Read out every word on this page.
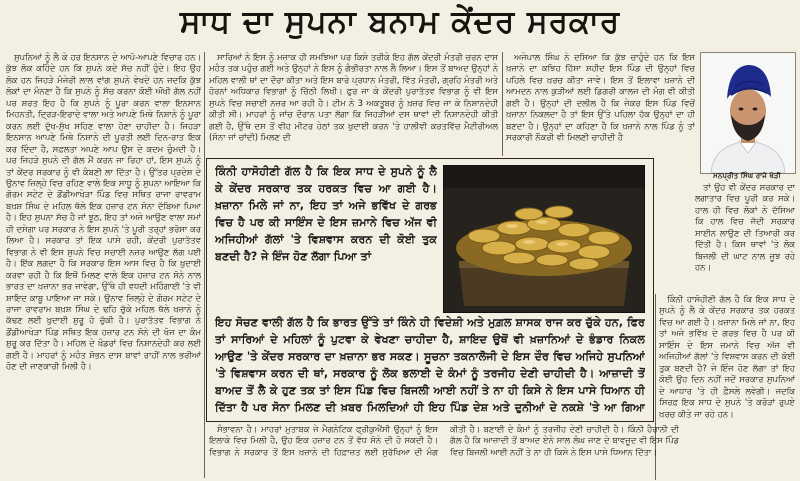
ਸਾਧ ਦਾ ਸੁਪਨਾ ਬਨਾਮ ਕੇਂਦਰ ਸਰਕਾਰ

ਸੁਪਨਿਆਂ ਨੂੰ ਲੈ ਕੇ ਹਰ ਇਨਸਾਨ ਦੇ ਆਪੋ-ਆਪਣੇ ਵਿਚਾਰ ਹਨ। ਕੁੱਝ ਲੋਕ ਕਹਿੰਦੇ ਹਨ ਕਿ ਸੁਪਨੇ ਕਦੇ ਸੱਚ ਨਹੀਂ ਹੁੰਦੇ। ਇਹ ਉਹ ਲੋਕ ਹਨ ਜਿਹੜੇ ਮੰਜੇਰੀ ਲਾਲ ਵਾਂਗ ਸੁਪਨੇ ਵੇਖਦੇ ਹਨ ਜਦਕਿ ਕੁੱਝ ਲੋਕਾਂ ਦਾ ਮੰਨਣਾ ਹੈ ਕਿ ਸੁਪਨੇ ਨੂੰ ਸੱਚ ਕਰਨਾ ਕੋਈ ਔਖੀ ਗੱਲ ਨਹੀਂ ਪਰ ਸ਼ਰਤ ਇਹ ਹੈ ਕਿ ਸੁਪਨੇ ਨੂੰ ਪੂਰਾ ਕਰਨ ਵਾਲਾ ਇਨਸਾਨ ਮਿਹਨਤੀ, ਦ੍ਰਿੜ-ਇਰਾਦੇ ਵਾਲਾ ਅਤੇ ਆਪਣੇ ਮਿਥੇ ਨਿਸ਼ਾਨੇ ਨੂੰ ਪੂਰਾ ਕਰਨ ਲਈ ਦੁੱਖ-ਸੁੱਖ ਸਹਿਣ ਵਾਲਾ ਹੋਣਾ ਚਾਹੀਦਾ ਹੈ। ਜਿਹੜਾ ਇਨਸਾਨ ਆਪਣੇ ਮਿਥੇ ਨਿਸ਼ਾਨੇ ਦੀ ਪੂਰਤੀ ਲਈ ਦਿਨ-ਰਾਤ ਇਕ ਕਰ ਦਿੰਦਾ ਹੈ, ਸਫ਼ਲਤਾ ਅਪਣੇ ਆਪ ਉਸ ਦੇ ਕਦਮ ਚੁੰਮਦੀ ਹੈ। ਪਰ ਜਿਹੜੇ ਸੁਪਨੇ ਦੀ ਗੱਲ ਮੈਂ ਕਰਨ ਜਾ ਰਿਹਾ ਹਾਂ, ਇਸ ਸੁਪਨੇ ਨੂੰ ਤਾਂ ਕੇਂਦਰ ਸਰਕਾਰ ਨੂੰ ਵੀ ਕੰਬਣੀ ਲਾ ਦਿੱਤਾ ਹੈ। ਉੱਤਰ ਪ੍ਰਦੇਸ਼ ਦੇ ਉਨਾਵ ਜ਼ਿਲ੍ਹੇ ਵਿਚ ਰਹਿਣ ਵਾਲੇ ਇਕ ਸਾਧੂ ਨੂੰ ਸੁਪਨਾ ਆਇਆ ਕਿ ਗੋਰਮ ਸਟੇਟ ਦੇ ਡੌਂਡੀਆਖੇੜਾ ਪਿੰਡ ਵਿਚ ਸਥਿਤ ਰਾਜਾ ਰਾਵਰਾਮ ਬਖ਼ਸ਼ ਸਿੰਘ ਦੇ ਮਹਿਲ ਥੱਲੇ ਇਕ ਹਜ਼ਾਰ ਟਨ ਸੋਨਾ ਦੱਬਿਆ ਪਿਆ ਹੈ। ਇਹ ਸੁਪਨਾ ਸੱਚ ਹੈ ਜਾਂ ਝੂਠ, ਇਹ ਤਾਂ ਅਜੇ ਆਉਣ ਵਾਲਾ ਸਮਾਂ ਹੀ ਦਸੇਗਾ ਪਰ ਸਰਕਾਰ ਨੇ ਇਸ ਸੁਪਨੇ 'ਤੇ ਪੂਰੀ ਤਰ੍ਹਾਂ ਭਰੋਸਾ ਕਰ ਲਿਆ ਹੈ। ਸਰਕਾਰ ਤਾਂ ਇਕ ਪਾਸੇ ਰਹੀ, ਕੇਂਦਰੀ ਪੁਰਾਤੱਤਵ ਵਿਭਾਗ ਨੇ ਵੀ ਇਸ ਸੁਪਨੇ ਵਿਚ ਸਚਾਈ ਨਜ਼ਰ ਆਉਣ ਲੱਗ ਪਈ ਹੈ। ਇੱਕ ਲਗਦਾ ਹੈ ਕਿ ਸਰਕਾਰ ਇਸ ਆਸ ਵਿਚ ਹੈ ਕਿ ਖੁਦਾਈ ਕਰਵਾ ਰਹੀ ਹੈ ਕਿ ਇਥੋਂ ਮਿਲਣ ਵਾਲੇ ਇਕ ਹਜ਼ਾਰ ਟਨ ਸੋਨੇ ਨਾਲ ਭਾਰਤ ਦਾ ਖ਼ਜ਼ਾਨਾ ਭਰ ਜਾਵੇਗਾ, ਉੱਥੇ ਹੀ ਵਧਦੀ ਮਹਿੰਗਾਈ 'ਤੇ ਵੀ ਸ਼ਾਇਦ ਕਾਬੂ ਪਾਇਆ ਜਾ ਸਕੇ। ਉਨਾਵ ਜ਼ਿਲ੍ਹੇ ਦੇ ਗੋਰਮ ਸਟੇਟ ਦੇ ਰਾਜਾ ਰਾਵਰਾਮ ਬਖ਼ਸ਼ ਸਿੰਘ ਦੇ ਢਹਿ ਚੁੱਕੇ ਮਹਿਲ ਥੱਲੇ ਖਜ਼ਾਨੇ ਨੂੰ ਕੱਢਣ ਲਈ ਖੁਦਾਈ ਸ਼ੁਰੂ ਹੋ ਚੁੱਕੀ ਹੈ। ਪੁਰਾਤੱਤਵ ਵਿਭਾਗ ਨੇ ਡੌਂਡੀਆਖੇੜਾ ਪਿੰਡ ਸਥਿਤ ਇਕ ਹਜ਼ਾਰ ਟਨ ਸੋਨੇ ਦੀ ਖੋਜ ਦਾ ਕੰਮ ਸ਼ੁਰੂ ਕਰ ਦਿੱਤਾ ਹੈ। ਮਹਿਲ ਦੇ ਖੰਡਰਾਂ ਵਿਚ ਨਿਸ਼ਾਨਦੇਹੀ ਕਰ ਲਈ ਗਈ ਹੈ। ਮਾਹਰਾਂ ਨੂੰ ਮਹੰਤ ਸ਼ੋਭਨ ਦਾਸ ਬਾਵਾਂ ਰਾਹੀਂ ਨਾਲ ਭਰੀਆਂ ਹੋਣ ਦੀ ਜਾਣਕਾਰੀ ਮਿਲੀ ਹੈ।

ਸਾਰਿਆਂ ਨੇ ਇਸ ਨੂੰ ਮਜ਼ਾਕ ਹੀ ਸਮਝਿਆ ਪਰ ਕਿਸੇ ਤਰੀਕੇ ਇਹ ਗੱਲ ਕੇਂਦਰੀ ਮੰਤਰੀ ਚਰਨ ਦਾਸ ਮਹੰਤ ਤਕ ਪਹੁੰਚ ਗਈ ਅਤੇ ਉਨ੍ਹਾਂ ਨੇ ਇਸ ਨੂੰ ਗੰਭੀਰਤਾ ਨਾਲ ਲੈ ਲਿਆ। ਇਸ ਤੋਂ ਬਾਅਦ ਉਨ੍ਹਾਂ ਨੇ ਮਹਿਲ ਵਾਲੀ ਥਾਂ ਦਾ ਦੌਰਾ ਕੀਤਾ ਅਤੇ ਇਸ ਬਾਰੇ ਪ੍ਰਧਾਨ ਮੰਤਰੀ, ਵਿੱਤ ਮੰਤਰੀ, ਗ੍ਰਹਿ ਮੰਤਰੀ ਅਤੇ ਹੋਰਨਾਂ ਅਧਿਕਾਰ ਵਿਭਾਗਾਂ ਨੂੰ ਚਿੱਠੀ ਲਿਖੀ। ਫੁਰ ਜਾ ਕੇ ਕੇਂਦਰੀ ਪੁਰਾਤੱਤਵ ਵਿਭਾਗ ਨੂੰ ਵੀ ਇਸ ਸੁਪਨੇ ਵਿਚ ਸਚਾਈ ਨਜ਼ਰ ਆ ਰਹੀ ਹੈ। ਟੀਮ ਨੇ 3 ਅਕਤੂਬਰ ਨੂੰ ਖ਼ਜ਼ਰ ਵਿਚ ਜਾ ਕੇ ਨਿਸ਼ਾਨਦੇਹੀ ਕੀਤੀ ਸੀ। ਮਾਹਰਾਂ ਨੂੰ ਜਾਂਚ ਦੌਰਾਨ ਪਤਾ ਲੱਗਾ ਕਿ ਜਿਹੜੀਆਂ ਦਸ ਥਾਵਾਂ ਦੀ ਨਿਸ਼ਾਨਦੇਹੀ ਕੀਤੀ ਗਈ ਹੈ, ਉੱਥੇ ਦਸ ਤੋਂ ਵੀਹ ਮੀਟਰ ਹੇਠਾਂ ਤਕ ਖੁਦਾਈ ਕਰਨ 'ਤੇ ਹਾਲੀਵੀ ਕਰਤਵਿੱਚ ਮੈਟੀਰੀਅਲ (ਸੋਨਾ ਜਾਂ ਚਾਂਦੀ) ਮਿਲਣ ਦੀ

ਅਜੇਪਾਲ ਸਿੰਘ ਨੇ ਦਸਿਆ ਕਿ ਕੁੱਝ ਚਾਹੁੰਦੇ ਹਨ ਕਿ ਇਸ ਖ਼ਜ਼ਾਨੇ ਦਾ ਕਝਿਹ ਹਿੱਸਾ ਸ਼ਹੀਦ ਇਸ ਪਿੰਡ ਦੀ ਉਨ੍ਹਾਂ ਵਿਚ ਪਹਿਲੇ ਵਿਚ ਖ਼ਰਚ ਕੀਤਾ ਜਾਵੇ। ਇਸ ਤੋਂ ਇਲਾਵਾ ਖ਼ਜ਼ਾਨੇ ਦੀ ਆਮਦਨ ਨਾਲ ਕੁੜੀਆਂ ਲਈ ਡਿਗਰੀ ਕਾਲਜ ਦੀ ਮੰਗ ਵੀ ਕੀਤੀ ਗਈ ਹੈ। ਉਨ੍ਹਾਂ ਦੀ ਦਲੀਲ ਹੈ ਕਿ ਜੇਕਰ ਇਸ ਪਿੰਡ ਵਿਚੋਂ ਖ਼ਜ਼ਾਨਾ ਨਿਕਲਦਾ ਹੈ ਤਾਂ ਇਸ ਉੱਤੇ ਪਹਿਲਾ ਹੱਕ ਉਨ੍ਹਾਂ ਦਾ ਹੀ ਬਣਦਾ ਹੈ। ਉਨ੍ਹਾਂ ਦਾ ਕਹਿਣਾ ਹੈ ਕਿ ਖ਼ਜ਼ਾਨੇ ਨਾਲ ਪਿੰਡ ਨੂੰ ਤਾਂ ਸਰਕਾਰੀ ਨੌਕਰੀ ਵੀ ਮਿਲਣੀ ਚਾਹੀਦੀ ਹੈ

ਤਾਂ ਉਹ ਵੀ ਕੇਂਦਰ ਸਰਕਾਰ ਦਾ ਲਗਾਤਾਰ ਵਿਚ ਪੂਰੀ ਕਰ ਸਕੇ। ਹਾਲ ਹੀ ਵਿਚ ਲੋਕਾਂ ਨੇ ਦੱਸਿਆ ਕਿ ਹਾਲ ਵਿਚ ਜੱਦੀ ਸਰਕਾਰ ਸਾਈਨ ਲਾਉਣ ਦੀ ਤਿਆਰੀ ਕਰ ਦਿੱਤੀ ਹੈ। ਕਿਸ ਥਾਵਾਂ 'ਤੇ ਲੋਕ ਬਿਜਲੀ ਦੀ ਘਾਟ ਨਾਲ ਜੂਝ ਰਹੇ ਹਨ।

ਕਿੰਨੀ ਹਾਸੋਹੀਣੀ ਗੱਲ ਹੈ ਕਿ ਇਕ ਸਾਧ ਦੇ ਸੁਪਨੇ ਨੂੰ ਲੈ ਕੇ ਕੇਂਦਰ ਸਰਕਾਰ ਤਕ ਹਰਕਤ ਵਿਚ ਆ ਗਈ ਹੈ। ਖ਼ਜ਼ਾਨਾ ਮਿਲੇ ਜਾਂ ਨਾ, ਇਹ ਤਾਂ ਅਜੇ ਭਵਿੱਖ ਦੇ ਗਰਭ ਵਿਚ ਹੈ ਪਰ ਕੀ ਸਾਇੰਸ ਦੇ ਇਸ ਜ਼ਮਾਨੇ ਵਿਚ ਅੱਜ ਵੀ ਅਜਿਹੀਆਂ ਗੱਲਾਂ 'ਤੇ ਵਿਸ਼ਵਾਸ ਕਰਨ ਦੀ ਕੋਈ ਤੁਕ ਬਣਦੀ ਹੈ? ਜੇ ਇੰਜ ਹੋਣ ਲੱਗਾ ਤਾਂ ਇਹ ਕੋਈ ਉਹ ਦਿਨ ਨਹੀਂ ਜਦੋਂ ਸਰਕਾਰ ਸੁਪਨਿਆਂ ਦੇ ਆਧਾਰ 'ਤੇ ਹੀ ਫ਼ੈਸਲੇ ਲਵੇਗੀ। ਜਦਕਿ ਸਿਰਫ਼ ਇਕ ਸਾਧ ਦੇ ਸੁਪਨੇ 'ਤੇ ਕਰੋੜਾਂ ਰੁਪਏ ਖ਼ਰਚ ਕੀਤੇ ਜਾ ਰਹੇ ਹਨ।

ਸੰਭਾਵਨਾ ਹੈ। ਮਾਹਰਾਂ ਮੁਤਾਬਕ ਜੇ ਮੈਗਨੇਟਿਕ ਫ੍ਰੀਕੁਐਂਸੀ ਉਨ੍ਹਾਂ ਨੂੰ ਇਸ ਇਲਾਕੇ ਵਿਚ ਮਿਲੀ ਹੈ, ਉਹ ਇਕ ਹਜ਼ਾਰ ਟਨ ਤੋਂ ਵੱਧ ਸੋਨੇ ਦੀ ਹੋ ਸਕਦੀ ਹੈ। ਵਿਭਾਗ ਨੇ ਸਰਕਾਰ ਤੋਂ ਇਸ ਖ਼ਜ਼ਾਨੇ ਦੀ ਹਿਫ਼ਾਜ਼ਤ ਲਈ ਸੁਰੱਖਿਆ ਦੀ ਮੰਗ ਕੀਤੀ ਹੈ। ਬਣਾਈ ਦੇ ਕੰਮਾਂ ਨੂੰ ਤਰਜੀਹ ਦੇਣੀ ਚਾਹੀਦੀ ਹੈ। ਕਿੰਨੀ ਹੈਰਾਨੀ ਦੀ ਗੱਲ ਹੈ ਕਿ ਆਜ਼ਾਦੀ ਤੋਂ ਬਾਅਦ ਏਨੇ ਸਾਲ ਲੰਘ ਜਾਣ ਦੇ ਬਾਵਜੂਦ ਵੀ ਇਸ ਪਿੰਡ ਵਿਚ ਬਿਜਲੀ ਆਈ ਨਹੀਂ ਤੇ ਨਾ ਹੀ ਕਿਸੇ ਨੇ ਇਸ ਪਾਸੇ ਧਿਆਨ ਦਿੱਤਾ।

ਕਿੰਨੀ ਹਾਸੋਹੀਣੀ ਗੱਲ ਹੈ ਕਿ ਇਕ ਸਾਧ ਦੇ ਸੁਪਨੇ ਨੂੰ ਲੈ ਕੇ ਕੇਂਦਰ ਸਰਕਾਰ ਤਕ ਹਰਕਤ ਵਿਚ ਆ ਗਈ ਹੈ। ਖ਼ਜ਼ਾਨਾ ਮਿਲੇ ਜਾਂ ਨਾ, ਇਹ ਤਾਂ ਅਜੇ ਭਵਿੱਖ ਦੇ ਗਰਭ ਵਿਚ ਹੈ ਪਰ ਕੀ ਸਾਇੰਸ ਦੇ ਇਸ ਜ਼ਮਾਨੇ ਵਿਚ ਅੱਜ ਵੀ ਅਜਿਹੀਆਂ ਗੱਲਾਂ 'ਤੇ ਵਿਸ਼ਵਾਸ ਕਰਨ ਦੀ ਕੋਈ ਤੁਕ ਬਣਦੀ ਹੈ? ਜੇ ਇੰਜ ਹੋਣ ਲੱਗਾ ਪਿਆ ਤਾਂ
ਇਹ ਸੋਚਣ ਵਾਲੀ ਗੱਲ ਹੈ ਕਿ ਭਾਰਤ ਉੱਤੇ ਤਾਂ ਕਿੰਨੇ ਹੀ ਵਿਦੇਸ਼ੀ ਅਤੇ ਮੁਗ਼ਲ ਸ਼ਾਸਕ ਰਾਜ ਕਰ ਚੁੱਕੇ ਹਨ, ਫਿਰ ਤਾਂ ਸਾਰਿਆਂ ਦੇ ਮਹਿਲਾਂ ਨੂੰ ਪੁਟਵਾ ਕੇ ਵੇਖਣਾ ਚਾਹੀਦਾ ਹੈ, ਸ਼ਾਇਦ ਉਥੋਂ ਵੀ ਖ਼ਜ਼ਾਨਿਆਂ ਦੇ ਭੰਡਾਰ ਨਿਕਲ ਆਉਣ 'ਤੇ ਕੇਂਦਰ ਸਰਕਾਰ ਦਾ ਖ਼ਜ਼ਾਨਾ ਭਰ ਸਕਣ। ਸੂਚਨਾ ਤਕਨਾਲੋਜੀ ਦੇ ਇਸ ਦੌਰ ਵਿਚ ਅਜਿਹੇ ਸੁਪਨਿਆਂ 'ਤੇ ਵਿਸ਼ਵਾਸ ਕਰਨ ਦੀ ਥਾਂ, ਸਰਕਾਰ ਨੂੰ ਲੋਕ ਭਲਾਈ ਦੇ ਕੰਮਾਂ ਨੂੰ ਤਰਜੀਹ ਦੇਣੀ ਚਾਹੀਦੀ ਹੈ। ਆਜ਼ਾਦੀ ਤੋਂ ਬਾਅਦ ਤੋਂ ਲੈ ਕੇ ਹੁਣ ਤਕ ਤਾਂ ਇਸ ਪਿੰਡ ਵਿਚ ਬਿਜਲੀ ਆਈ ਨਹੀਂ ਤੇ ਨਾ ਹੀ ਕਿਸੇ ਨੇ ਇਸ ਪਾਸੇ ਧਿਆਨ ਹੀ ਦਿੱਤਾ ਹੈ ਪਰ ਸੋਨਾ ਮਿਲਣ ਦੀ ਖ਼ਬਰ ਮਿਲਦਿਆਂ ਹੀ ਇਹ ਪਿੰਡ ਦੇਸ਼ ਅਤੇ ਦੁਨੀਆਂ ਦੇ ਨਕਸ਼ੇ 'ਤੇ ਆ ਗਿਆ
ਮਨਪ੍ਰੀਤ ਸਿੰਘ ਰਾਜੇ ਖੇੜੀ
